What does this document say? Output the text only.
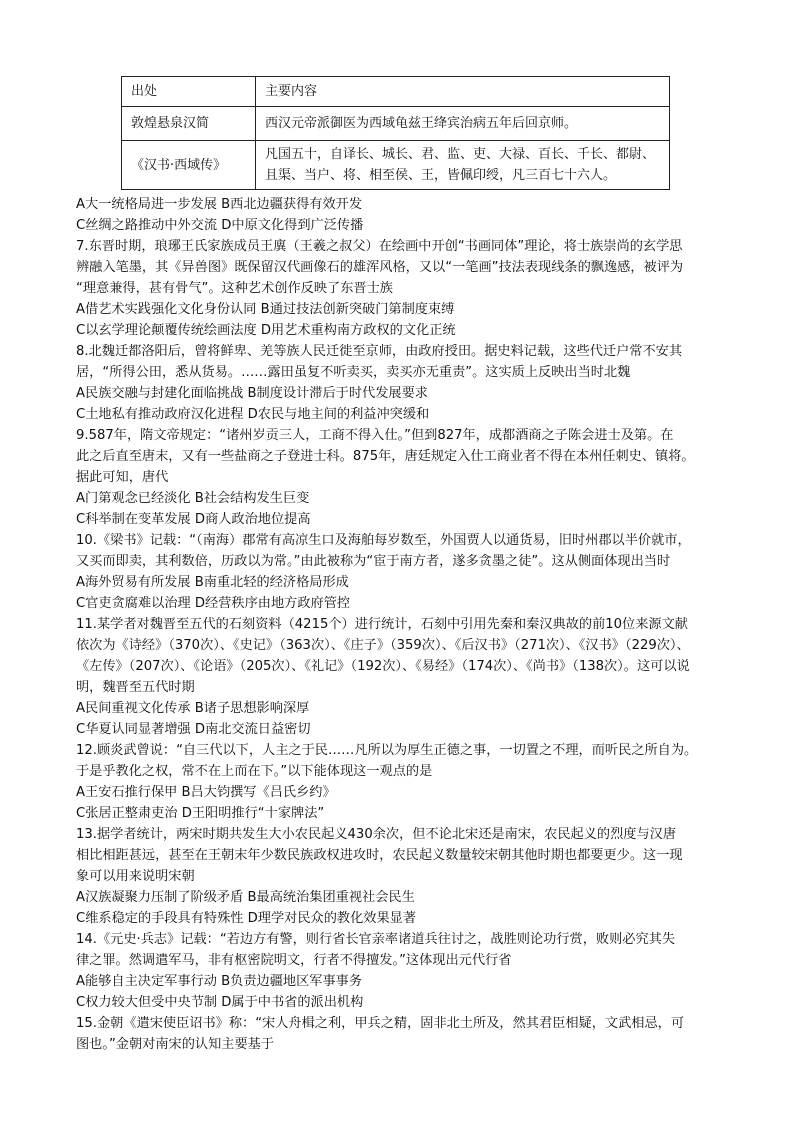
出处	主要内容
敦煌悬泉汉简	西汉元帝派御医为西域龟兹王绛宾治病五年后回京师。
《汉书·西域传》	凡国五十，自译长、城长、君、监、吏、大禄、百长、千长、都尉、且渠、当户、将、相至侯、王，皆佩印绶，凡三百七十六人。

A大一统格局进一步发展 B西北边疆获得有效开发

C丝绸之路推动中外交流 D中原文化得到广泛传播

7.东晋时期，琅琊王氏家族成员王廙（王羲之叔父）在绘画中开创“书画同体”理论，将士族崇尚的玄学思

辨融入笔墨，其《异兽图》既保留汉代画像石的雄浑风格，又以“一笔画”技法表现线条的飘逸感，被评为

“理意兼得，甚有骨气”。这种艺术创作反映了东晋士族

A借艺术实践强化文化身份认同 B通过技法创新突破门第制度束缚

C以玄学理论颠覆传统绘画法度 D用艺术重构南方政权的文化正统

8.北魏迁都洛阳后，曾将鲜卑、羌等族人民迁徙至京师，由政府授田。据史料记载，这些代迁户常不安其

居，“所得公田，悉从货易。……露田虽复不听卖买，卖买亦无重责”。这实质上反映出当时北魏

A民族交融与封建化面临挑战 B制度设计滞后于时代发展要求

C土地私有推动政府汉化进程 D农民与地主间的利益冲突缓和

9.587年，隋文帝规定：“诸州岁贡三人，工商不得入仕。”但到827年，成都酒商之子陈会进士及第。在

此之后直至唐末，又有一些盐商之子登进士科。875年，唐廷规定入仕工商业者不得在本州任刺史、镇将。

据此可知，唐代

A门第观念已经淡化 B社会结构发生巨变

C科举制在变革发展 D商人政治地位提高

10.《梁书》记载：“（南海）郡常有高凉生口及海舶每岁数至，外国贾人以通货易，旧时州郡以半价就市，

又买而即卖，其利数倍，历政以为常。”由此被称为“宦于南方者，遂多贪墨之徒”。这从侧面体现出当时

A海外贸易有所发展 B南重北轻的经济格局形成

C官吏贪腐难以治理 D经营秩序由地方政府管控

11.某学者对魏晋至五代的石刻资料（4215个）进行统计，石刻中引用先秦和秦汉典故的前10位来源文献

依次为《诗经》（370次）、《史记》（363次）、《庄子》（359次）、《后汉书》（271次）、《汉书》（229次）、

《左传》（207次）、《论语》（205次）、《礼记》（192次）、《易经》（174次）、《尚书》（138次）。这可以说

明，魏晋至五代时期

A民间重视文化传承 B诸子思想影响深厚

C华夏认同显著增强 D南北交流日益密切

12.顾炎武曾说：“自三代以下，人主之于民……凡所以为厚生正德之事，一切置之不理，而听民之所自为。

于是乎教化之权，常不在上而在下。”以下能体现这一观点的是

A王安石推行保甲 B吕大钧撰写《吕氏乡约》

C张居正整肃吏治 D王阳明推行“十家牌法”

13.据学者统计，两宋时期共发生大小农民起义430余次，但不论北宋还是南宋，农民起义的烈度与汉唐

相比相距甚远，甚至在王朝末年少数民族政权进攻时，农民起义数量较宋朝其他时期也都要更少。这一现

象可以用来说明宋朝

A汉族凝聚力压制了阶级矛盾 B最高统治集团重视社会民生

C维系稳定的手段具有特殊性 D理学对民众的教化效果显著

14.《元史·兵志》记载：“若边方有警，则行省长官亲率诸道兵往讨之，战胜则论功行赏，败则必究其失

律之罪。然调遣军马，非有枢密院明文，行者不得擅发。”这体现出元代行省

A能够自主决定军事行动 B负责边疆地区军事事务

C权力较大但受中央节制 D属于中书省的派出机构

15.金朝《遣宋使臣诏书》称：“宋人舟楫之利，甲兵之精，固非北土所及，然其君臣相疑，文武相忌，可

图也。”金朝对南宋的认知主要基于
